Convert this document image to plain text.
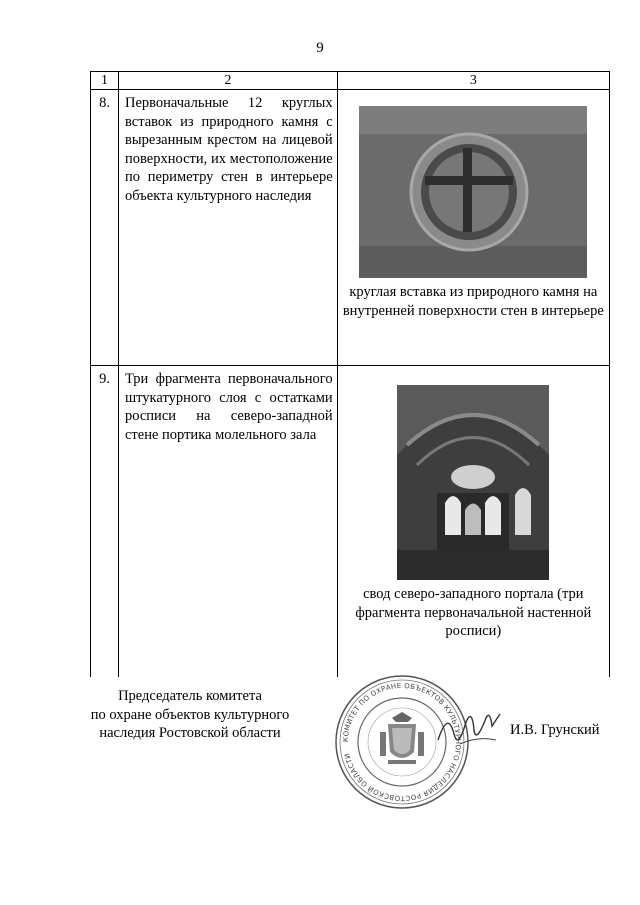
9
1	2	3
8.	Первоначальные 12 круглых вставок из природного камня с вырезанным крестом на лицевой поверхности, их местоположение по периметру стен в интерьере объекта культурного наследия	круглая вставка из природного камня на внутренней поверхности стен в интерьере

9.	Три фрагмента первоначального штукатурного слоя с остатками росписи на северо-западной стене портика молельного зала	свод северо-западного портала (три фрагмента первоначальной настенной росписи)
Председатель комитета
по охране объектов культурного
наследия Ростовской области	КОМИТЕТ ПО ОХРАНЕ ОБЪЕКТОВ КУЛЬТУРНОГО НАСЛЕДИЯ РОСТОВСКОЙ ОБЛАСТИ
И.В. Грунский
